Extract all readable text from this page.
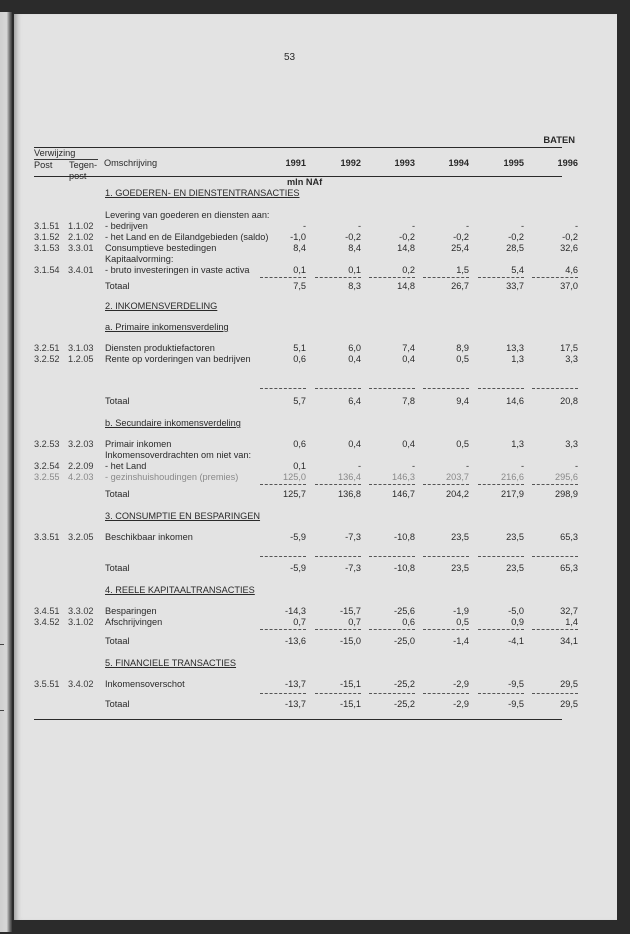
53
BATEN
Verwijzing
Post Tegen- Omschrijving
mln NAf
1991	1992	1993	1994	1995	1996
1. GOEDEREN- EN DIENSTENTRANSACTIES
Levering van goederen en diensten aan:
3.1.51 1.1.02 - bedrijven	-	-	-	-	-	-
3.1.52 2.1.02 - het Land en de Eilandgebieden (saldo)	-1,0	-0,2	-0,2	-0,2	-0,2	-0,2
3.1.53 3.3.01 Consumptieve bestedingen	8,4	8,4	14,8	25,4	28,5	32,6
Kapitaalvorming:
3.1.54 3.4.01 - bruto investeringen in vaste activa	0,1	0,1	0,2	1,5	5,4	4,6
Totaal	7,5	8,3	14,8	26,7	33,7	37,0
2. INKOMENSVERDELING
a. Primaire inkomensverdeling
3.2.51 3.1.03 Diensten produktiefactoren	5,1	6,0	7,4	8,9	13,3	17,5
3.2.52 1.2.05 Rente op vorderingen van bedrijven	0,6	0,4	0,4	0,5	1,3	3,3
Totaal	5,7	6,4	7,8	9,4	14,6	20,8
b. Secundaire inkomensverdeling
3.2.53 3.2.03 Primair inkomen	0,6	0,4	0,4	0,5	1,3	3,3
Inkomensoverdrachten om niet van:
3.2.54 2.2.09 - het Land	0,1	-	-	-	-	-
3.2.55 4.2.03 - gezinshuishoudingen (premies)	125,0	136,4	146,3	203,7	216,6	295,6
Totaal	125,7	136,8	146,7	204,2	217,9	298,9
3. CONSUMPTIE EN BESPARINGEN
3.3.51 3.2.05 Beschikbaar inkomen	-5,9	-7,3	-10,8	23,5	23,5	65,3
Totaal	-5,9	-7,3	-10,8	23,5	23,5	65,3
4. REELE KAPITAALTRANSACTIES
3.4.51 3.3.02 Besparingen	-14,3	-15,7	-25,6	-1,9	-5,0	32,7
3.4.52 3.1.02 Afschrijvingen	0,7	0,7	0,6	0,5	0,9	1,4
Totaal	-13,6	-15,0	-25,0	-1,4	-4,1	34,1
5. FINANCIELE TRANSACTIES
3.5.51 3.4.02 Inkomensoverschot	-13,7	-15,1	-25,2	-2,9	-9,5	29,5
Totaal	-13,7	-15,1	-25,2	-2,9	-9,5	29,5
